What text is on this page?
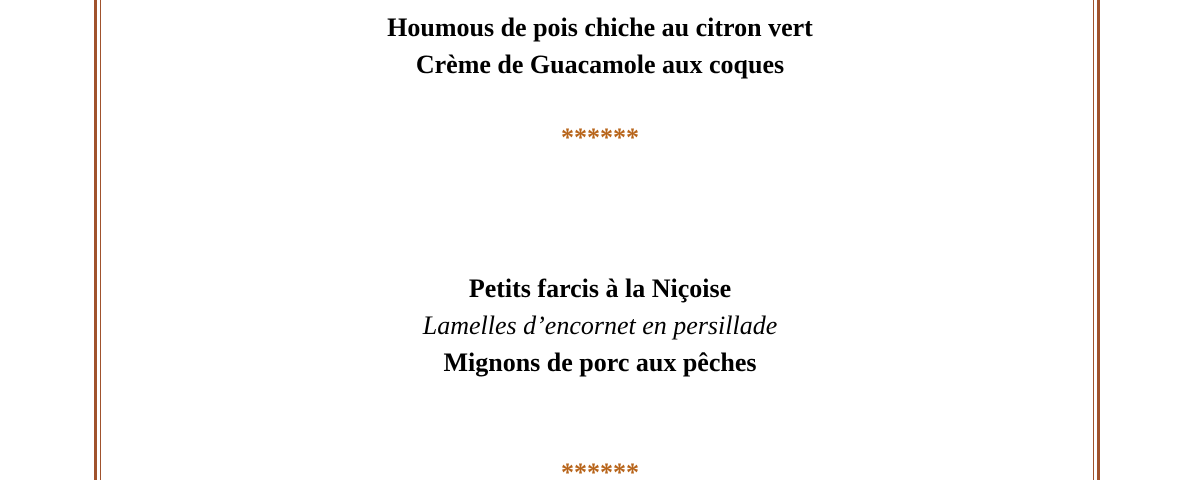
Houmous de pois chiche au citron vert
Crème de Guacamole aux coques
******
Petits farcis à la Niçoise
Lamelles d’encornet en persillade
Mignons de porc aux pêches
******
